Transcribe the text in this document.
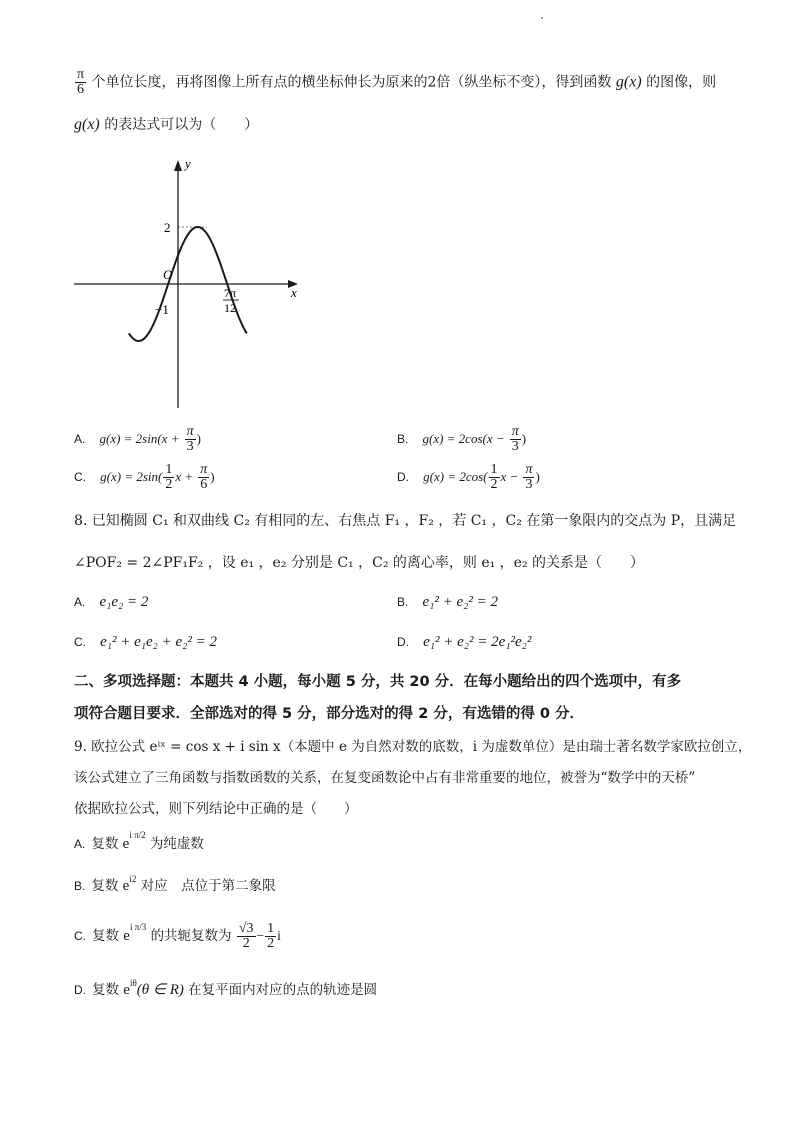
$\frac{\pi}{6}$ 个单位长度，再将图像上所有点的横坐标伸长为原来的2倍（纵坐标不变），得到函数 g(x) 的图像，则
g(x) 的表达式可以为（　　）
y
x
O
2
−1
7π
12
A. $g(x) = 2\sin(x + \frac{\pi}{3}$ )	B. $g(x) = 2\cos(x - \frac{\pi}{3}$ )
C. $g(x) = 2\sin( \frac{1}{2}$ $x + \frac{\pi}{6}$ )	D. $g(x) = 2\cos( \frac{1}{2}$ $x - \frac{\pi}{3}$ )
8. 已知椭圆 C₁ 和双曲线 C₂ 有相同的左、右焦点 F₁ ，F₂ ，若 C₁ ，C₂ 在第一象限内的交点为 P，且满足
∠POF₂ = 2∠PF₁F₂ ，设 e₁ ，e₂ 分别是 C₁ ，C₂ 的离心率，则 e₁ ，e₂ 的关系是（　　）
A. e₁e₂ = 2	B. e₁² + e₂² = 2
C. e₁² + e₁e₂ + e₂² = 2	D. e₁² + e₂² = 2e₁²e₂²
二、多项选择题：本题共 4 小题，每小题 5 分，共 20 分．在每小题给出的四个选项中，有多
项符合题目要求．全部选对的得 5 分，部分选对的得 2 分，有选错的得 0 分．
9. 欧拉公式 eⁱˣ = cos x + i sin x（本题中 e 为自然对数的底数，i 为虚数单位）是由瑞士著名数学家欧拉创立，
该公式建立了三角函数与指数函数的关系，在复变函数论中占有非常重要的地位，被誉为“数学中的天桥”
依据欧拉公式，则下列结论中正确的是（　　）
A. 复数 $e^{i \pi/2}$ 为纯虚数
B. 复数 $e^{i2}$ 对应　点位于第二象限
C. 复数 $e^{i \pi/3}$ 的共轭复数为 $\frac{√3}{2} - \frac{1}{2}$ i
D. 复数 $e^{i\theta}(\theta$ ∈ R) 在复平面内对应的点的轨迹是圆
